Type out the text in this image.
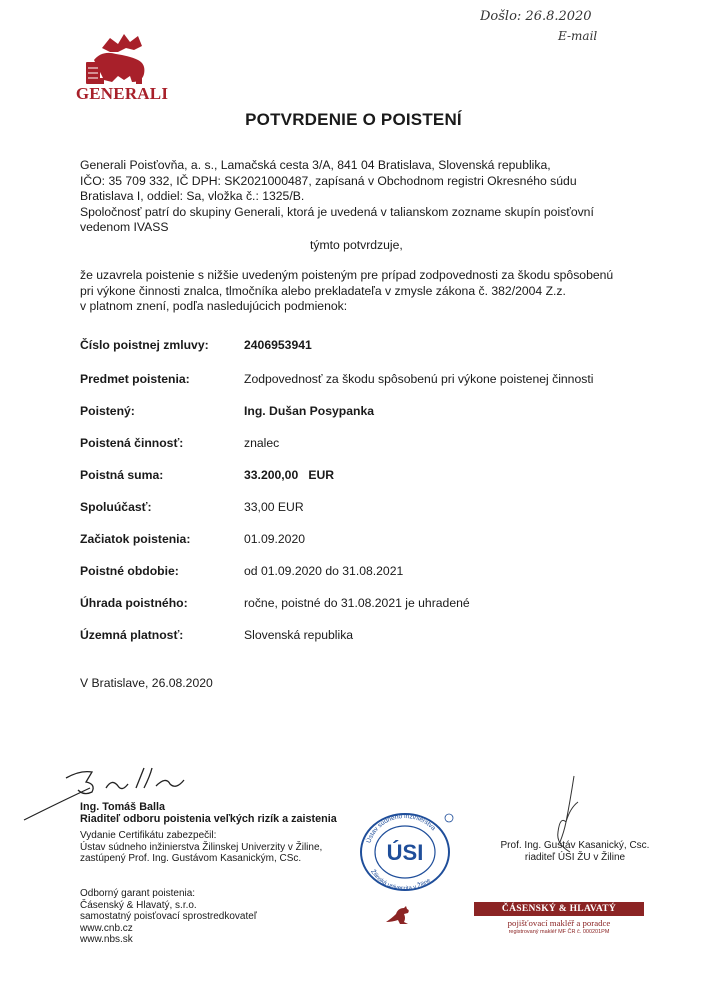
Došlo: 26.8.2020
E-mail
GENERALI
POTVRDENIE O POISTENÍ
Generali Poisťovňa, a. s., Lamačská cesta 3/A, 841 04 Bratislava, Slovenská republika,
IČO: 35 709 332, IČ DPH: SK2021000487, zapísaná v Obchodnom registri Okresného súdu
Bratislava I, oddiel: Sa, vložka č.: 1325/B.
Spoločnosť patrí do skupiny Generali, ktorá je uvedená v talianskom zozname skupín poisťovní
vedenom IVASS
týmto potvrdzuje,
že uzavrela poistenie s nižšie uvedeným poisteným pre prípad zodpovednosti za škodu spôsobenú
pri výkone činnosti znalca, tlmočníka alebo prekladateľa v zmysle zákona č. 382/2004 Z.z.
v platnom znení, podľa nasledujúcich podmienok:
Číslo poistnej zmluvy:	2406953941
Predmet poistenia:	Zodpovednosť za škodu spôsobenú pri výkone poistenej činnosti
Poistený:	Ing. Dušan Posypanka
Poistená činnosť:	znalec
Poistná suma:	33.200,00   EUR
Spoluúčasť:	33,00 EUR
Začiatok poistenia:	01.09.2020
Poistné obdobie:	od 01.09.2020 do 31.08.2021
Úhrada poistného:	ročne, poistné do 31.08.2021 je uhradené
Územná platnosť:	Slovenská republika
V Bratislave, 26.08.2020
Ing. Tomáš Balla
Riaditeľ odboru poistenia veľkých rizík a zaistenia
Vydanie Certifikátu zabezpečil:
Ústav súdneho inžinierstva Žilinskej Univerzity v Žiline,
zastúpený Prof. Ing. Gustávom Kasanickým, CSc.
Odborný garant poistenia:
Čásenský & Hlavatý, s.r.o.
samostatný poisťovací sprostredkovateľ
www.cnb.cz
www.nbs.sk
Ústav súdneho inžinierstva
ÚSI
Žilinská univerzita v Žiline
Prof. Ing. Gustáv Kasanický, Csc.
riaditeľ ÚSI ŽU v Žiline
ČÁSENSKÝ & HLAVATÝ
pojišťovací makléř a poradce
registrovaný makléř MF ČR č. 000201PM
